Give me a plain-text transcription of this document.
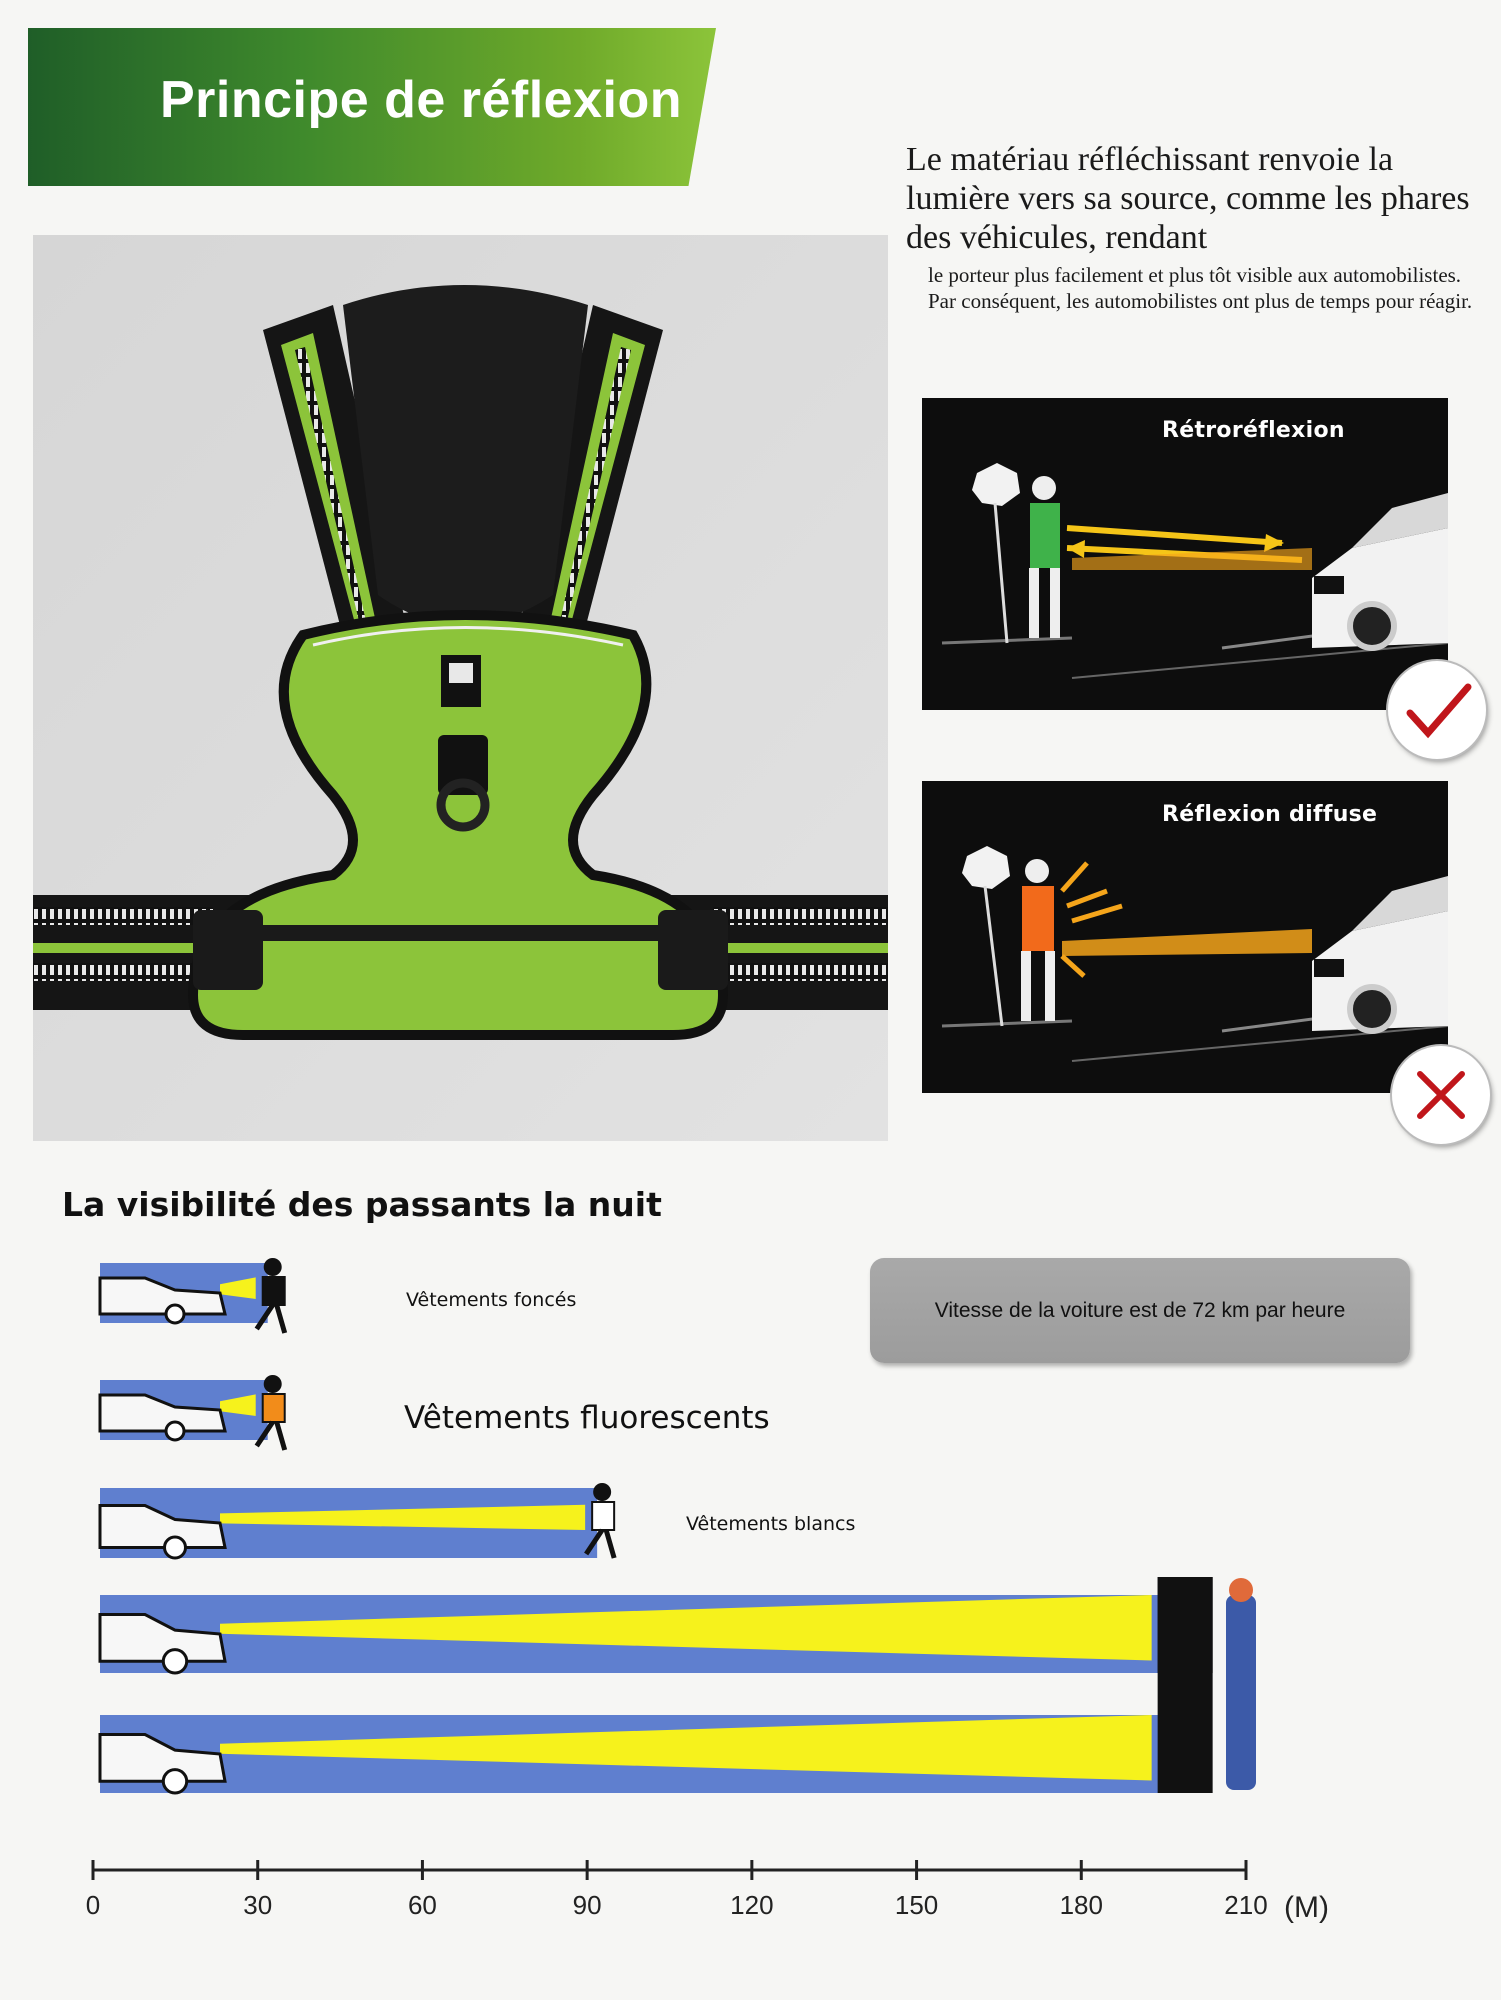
Principe de réflexion
Le matériau réfléchissant renvoie la lumière vers sa source, comme les phares des véhicules, rendant
le porteur plus facilement et plus tôt visible aux automobilistes. Par conséquent, les automobilistes ont plus de temps pour réagir.
Rétroréflexion
Réflexion diffuse
La visibilité des passants la nuit
Vitesse de la voiture est de 72 km par heure
Vêtements foncés
Vêtements fluorescents
Vêtements blancs
0	30	60	90	120	150	180	210 (M)
